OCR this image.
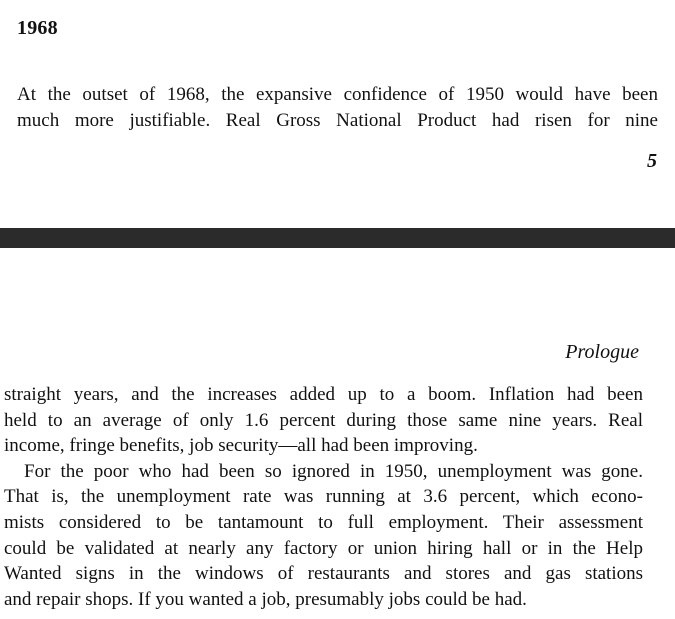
1968
At the outset of 1968, the expansive confidence of 1950 would have been
much more justifiable. Real Gross National Product had risen for nine
5
Prologue
straight years, and the increases added up to a boom. Inflation had been
held to an average of only 1.6 percent during those same nine years. Real
income, fringe benefits, job security—all had been improving.
For the poor who had been so ignored in 1950, unemployment was gone.
That is, the unemployment rate was running at 3.6 percent, which econo-
mists considered to be tantamount to full employment. Their assessment
could be validated at nearly any factory or union hiring hall or in the Help
Wanted signs in the windows of restaurants and stores and gas stations
and repair shops. If you wanted a job, presumably jobs could be had.
